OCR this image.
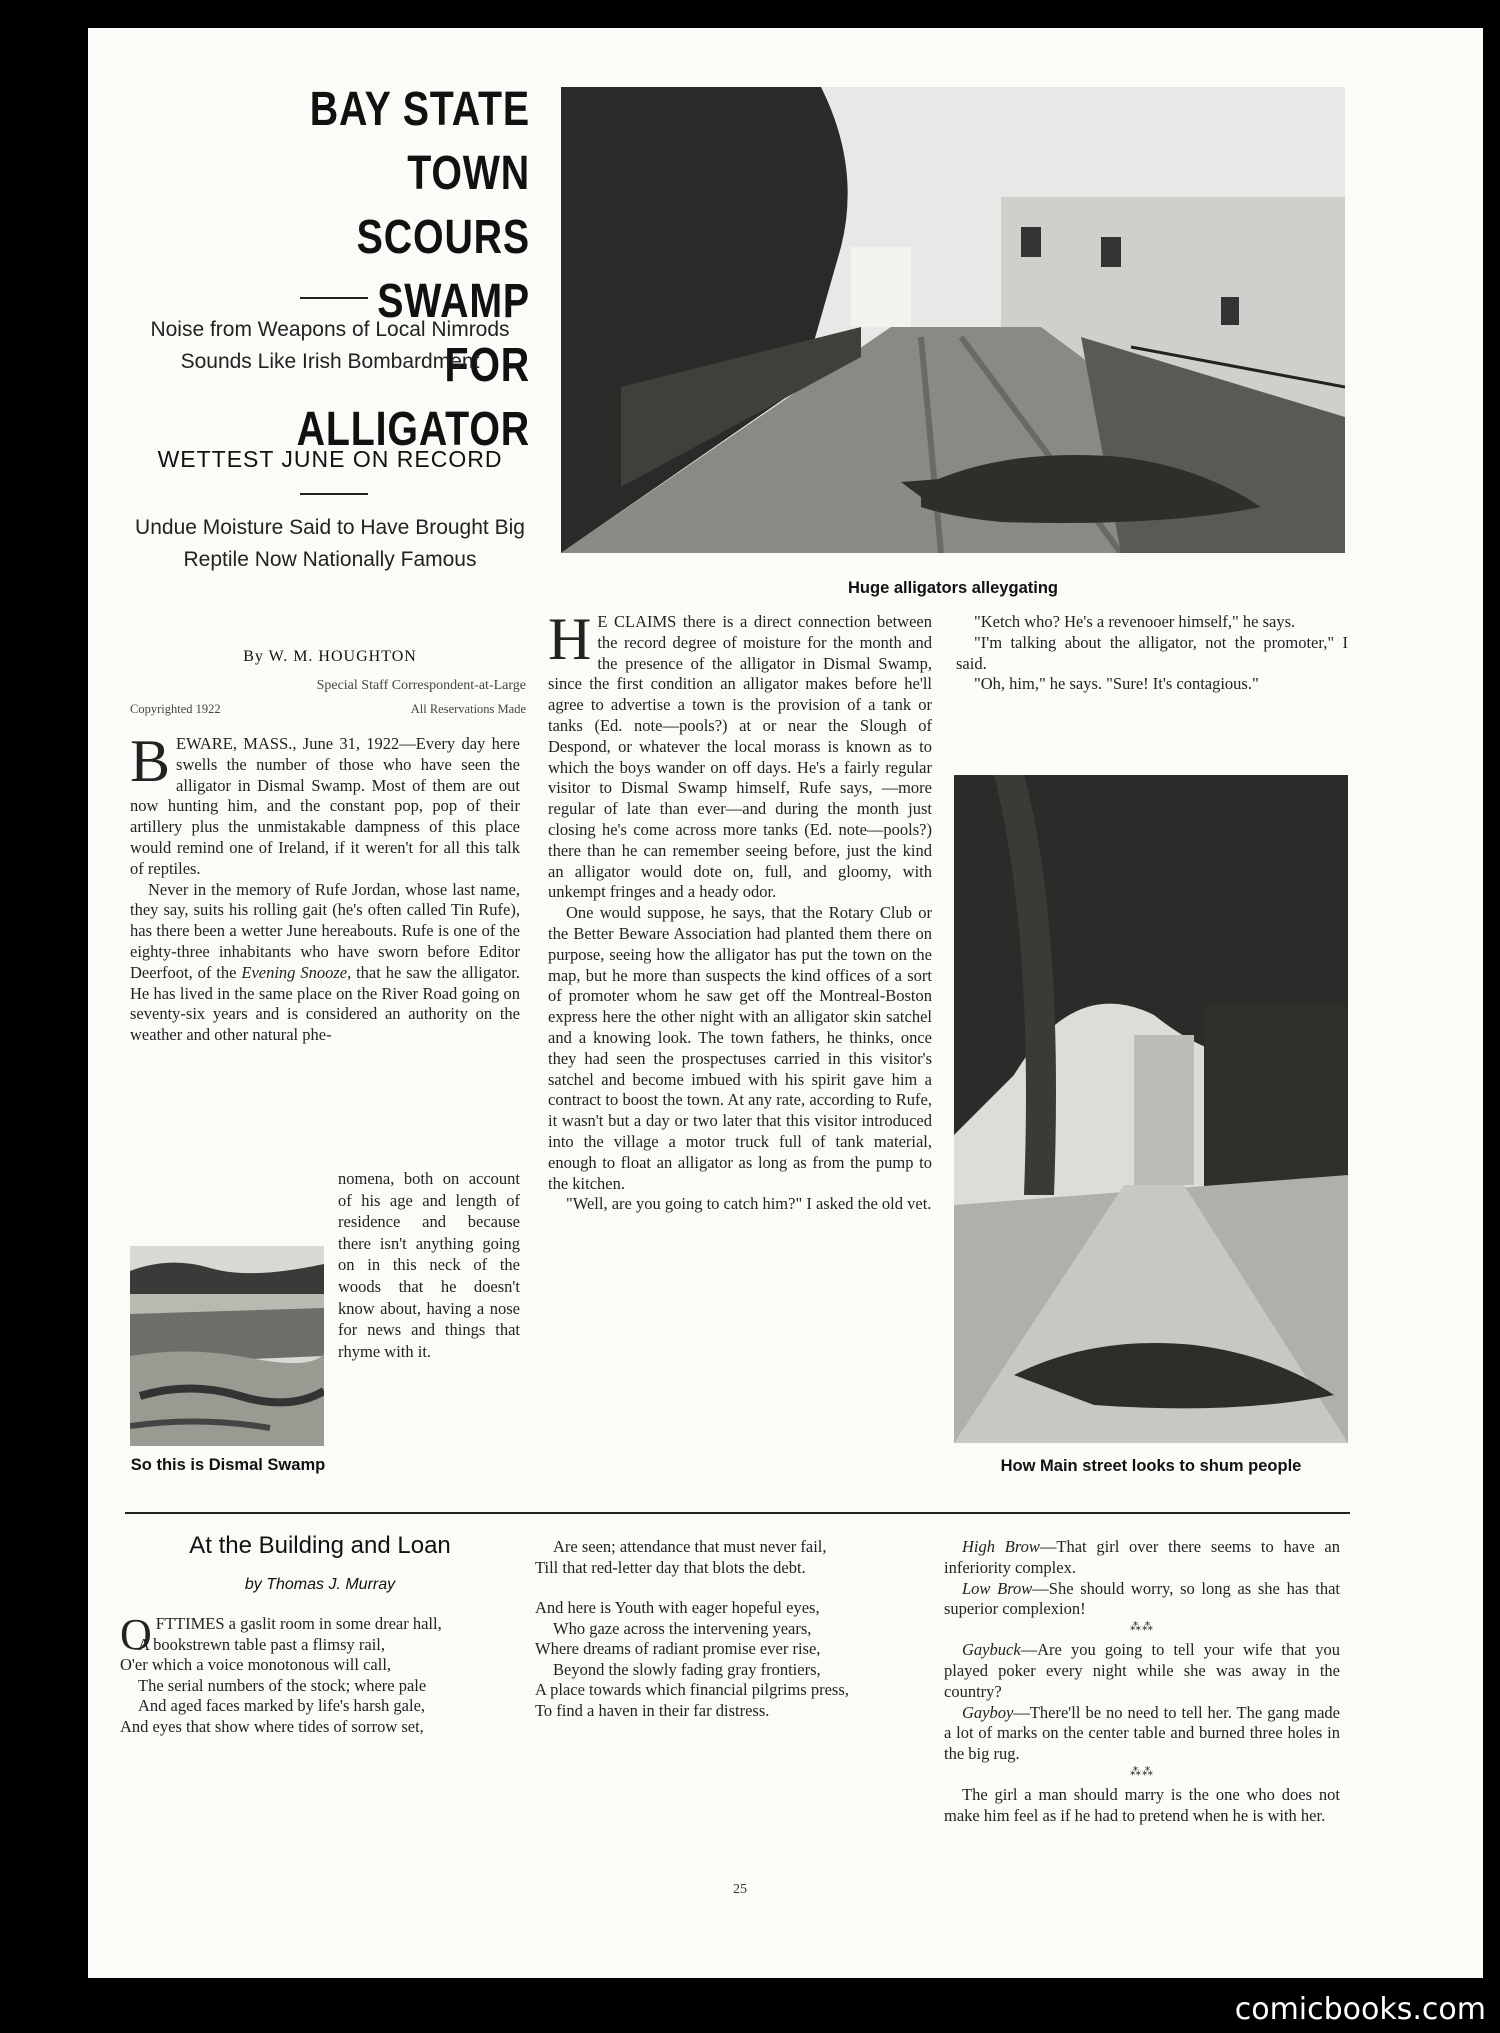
BAY STATE TOWN
SCOURS SWAMP
FOR ALLIGATOR
Noise from Weapons of Local Nimrods Sounds Like Irish Bombardment
WETTEST JUNE ON RECORD
Undue Moisture Said to Have Brought Big Reptile Now Nationally Famous
By W. M. HOUGHTON
Special Staff Correspondent-at-Large
Copyrighted 1922	All Reservations Made

BEWARE, MASS., June 31, 1922—Every day here swells the number of those who have seen the alligator in Dismal Swamp. Most of them are out now hunting him, and the constant pop, pop of their artillery plus the unmistakable dampness of this place would remind one of Ireland, if it weren't for all this talk of reptiles.

Never in the memory of Rufe Jordan, whose last name, they say, suits his rolling gait (he's often called Tin Rufe), has there been a wetter June hereabouts. Rufe is one of the eighty-three inhabitants who have sworn before Editor Deerfoot, of the Evening Snooze, that he saw the alligator. He has lived in the same place on the River Road going on seventy-six years and is considered an authority on the weather and other natural phe-

nomena, both on account of his age and length of residence and because there isn't anything going on in this neck of the woods that he doesn't know about, having a nose for news and things that rhyme with it.

So this is Dismal Swamp
Huge alligators alleygating

H E CLAIMS there is a direct connection between the record degree of moisture for the month and the presence of the alligator in Dismal Swamp, since the first condition an alligator makes before he'll agree to advertise a town is the provision of a tank or tanks (Ed. note—pools?) at or near the Slough of Despond, or whatever the local morass is known as to which the boys wander on off days. He's a fairly regular visitor to Dismal Swamp himself, Rufe says, —more regular of late than ever—and during the month just closing he's come across more tanks (Ed. note—pools?) there than he can remember seeing before, just the kind an alligator would dote on, full, and gloomy, with unkempt fringes and a heady odor.

One would suppose, he says, that the Rotary Club or the Better Beware Association had planted them there on purpose, seeing how the alligator has put the town on the map, but he more than suspects the kind offices of a sort of promoter whom he saw get off the Montreal-Boston express here the other night with an alligator skin satchel and a knowing look. The town fathers, he thinks, once they had seen the prospectuses carried in this visitor's satchel and become imbued with his spirit gave him a contract to boost the town. At any rate, according to Rufe, it wasn't but a day or two later that this visitor introduced into the village a motor truck full of tank material, enough to float an alligator as long as from the pump to the kitchen.

"Well, are you going to catch him?" I asked the old vet.

"Ketch who? He's a revenooer himself," he says.

"I'm talking about the alligator, not the promoter," I said.

"Oh, him," he says. "Sure! It's contagious."

How Main street looks to shum people
At the Building and Loan
by Thomas J. Murray
OFTTIMES a gaslit room in some drear hall,
A bookstrewn table past a flimsy rail,
O'er which a voice monotonous will call,
The serial numbers of the stock; where pale
And aged faces marked by life's harsh gale,
And eyes that show where tides of sorrow set,
Are seen; attendance that must never fail,
Till that red-letter day that blots the debt.
And here is Youth with eager hopeful eyes,
Who gaze across the intervening years,
Where dreams of radiant promise ever rise,
Beyond the slowly fading gray frontiers,
A place towards which financial pilgrims press,
To find a haven in their far distress.

High Brow—That girl over there seems to have an inferiority complex.

Low Brow—She should worry, so long as she has that superior complexion!

⁂⁂

Gaybuck—Are you going to tell your wife that you played poker every night while she was away in the country?

Gayboy—There'll be no need to tell her. The gang made a lot of marks on the center table and burned three holes in the big rug.

⁂⁂

The girl a man should marry is the one who does not make him feel as if he had to pretend when he is with her.

25
comicbooks.com
